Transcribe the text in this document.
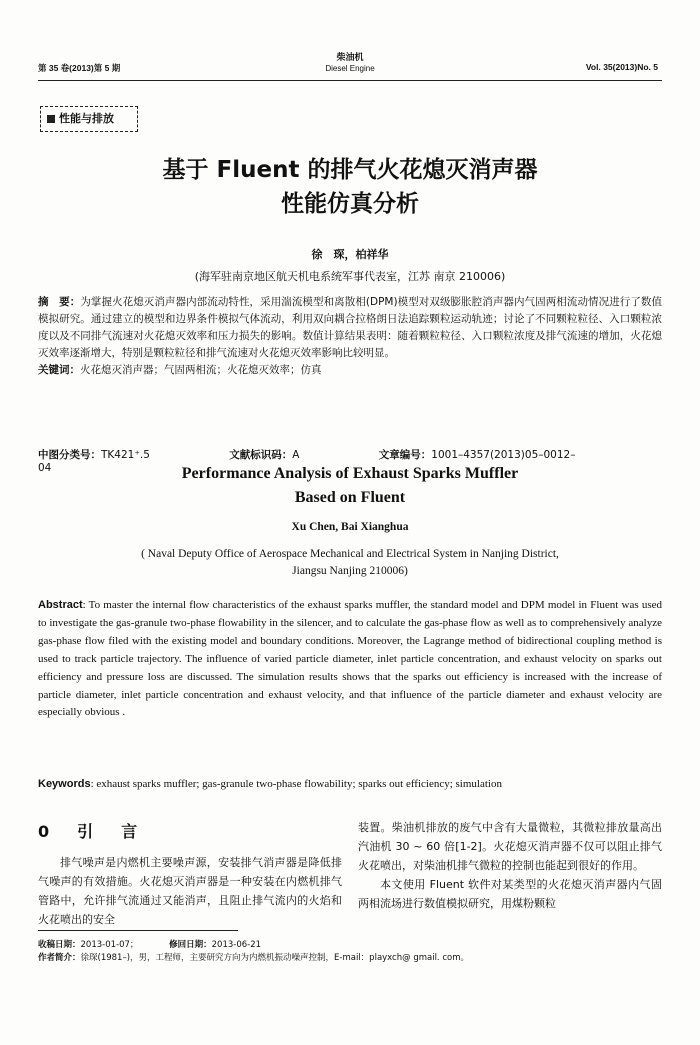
第 35 卷(2013)第 5 期
柴油机
Diesel Engine	Vol. 35(2013)No. 5
性能与排放
基于 Fluent 的排气火花熄灭消声器
性能仿真分析
徐　琛，柏祥华
(海军驻南京地区航天机电系统军事代表室，江苏 南京 210006)
摘　要：为掌握火花熄灭消声器内部流动特性，采用湍流模型和离散相(DPM)模型对双级膨胀腔消声器内气固两相流动情况进行了数值模拟研究。通过建立的模型和边界条件模拟气体流动，利用双向耦合拉格朗日法追踪颗粒运动轨迹；讨论了不同颗粒粒径、入口颗粒浓度以及不同排气流速对火花熄灭效率和压力损失的影响。数值计算结果表明：随着颗粒粒径、入口颗粒浓度及排气流速的增加，火花熄灭效率逐渐增大，特别是颗粒粒径和排气流速对火花熄灭效率影响比较明显。
关键词：火花熄灭消声器；气固两相流；火花熄灭效率；仿真
中图分类号：TK421⁺.5	文献标识码：A	文章编号：1001–4357(2013)05–0012–04	Performance Analysis of Exhaust Sparks Muffler
Based on Fluent
Xu Chen, Bai Xianghua
( Naval Deputy Office of Aerospace Mechanical and Electrical System in Nanjing District,
Jiangsu Nanjing 210006)
Abstract: To master the internal flow characteristics of the exhaust sparks muffler, the standard model and DPM model in Fluent was used to investigate the gas-granule two-phase flowability in the silencer, and to calculate the gas-phase flow as well as to comprehensively analyze gas-phase flow filed with the existing model and boundary conditions. Moreover, the Lagrange method of bidirectional coupling method is used to track particle trajectory. The influence of varied particle diameter, inlet particle concentration, and exhaust velocity on sparks out efficiency and pressure loss are discussed. The simulation results shows that the sparks out efficiency is increased with the increase of particle diameter, inlet particle concentration and exhaust velocity, and that influence of the particle diameter and exhaust velocity are especially obvious .
Keywords: exhaust sparks muffler; gas-granule two-phase flowability; sparks out efficiency; simulation
0　引　言

排气噪声是内燃机主要噪声源，安装排气消声器是降低排气噪声的有效措施。火花熄灭消声器是一种安装在内燃机排气管路中，允许排气流通过又能消声，且阻止排气流内的火焰和火花喷出的安全

装置。柴油机排放的废气中含有大量微粒，其微粒排放量高出汽油机 30 ~ 60 倍[1-2]。火花熄灭消声器不仅可以阻止排气火花喷出，对柴油机排气微粒的控制也能起到很好的作用。

本文使用 Fluent 软件对某类型的火花熄灭消声器内气固两相流场进行数值模拟研究，用煤粉颗粒

收稿日期：2013-01-07；	修回日期：2013-06-21
作者简介：徐琛(1981–)，男，工程师，主要研究方向为内燃机振动噪声控制，E-mail：playxch@ gmail. com。
